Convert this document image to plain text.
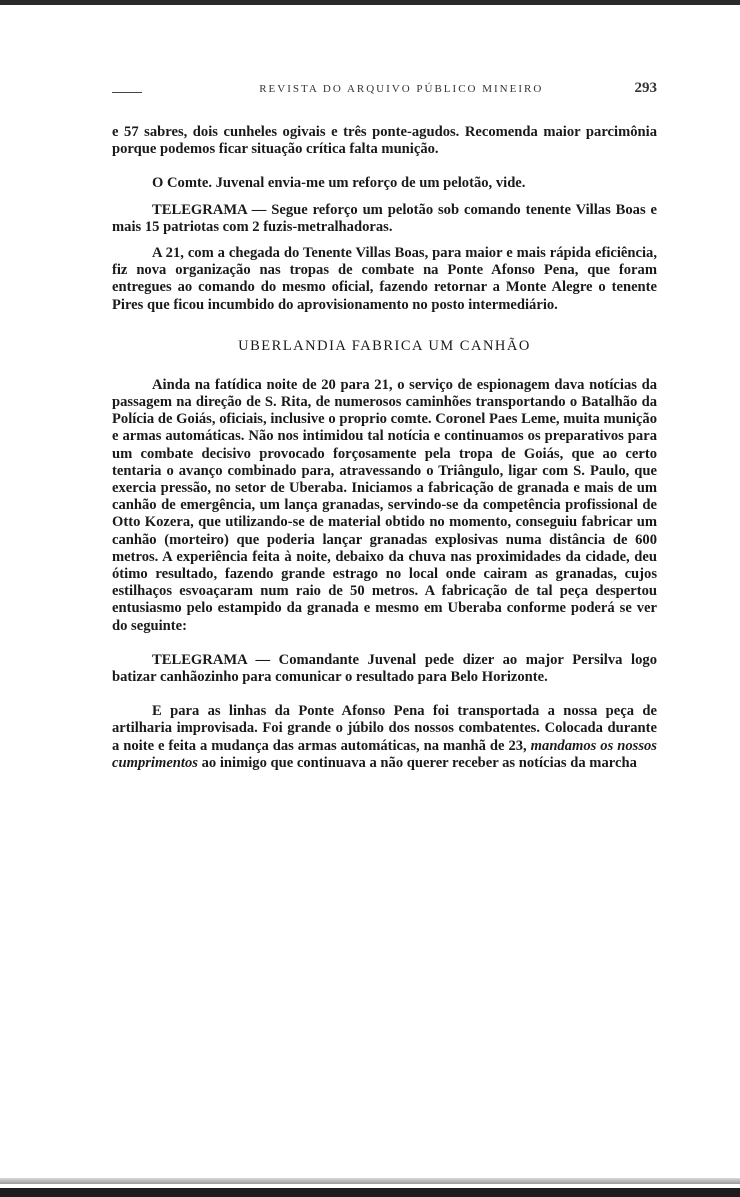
REVISTA DO ARQUIVO PÚBLICO MINEIRO	293

e 57 sabres, dois cunheles ogivais e três ponte-agudos. Recomenda maior parcimônia porque podemos ficar situação crítica falta munição.

O Comte. Juvenal envia-me um reforço de um pelotão, vide.

TELEGRAMA — Segue reforço um pelotão sob comando tenente Villas Boas e mais 15 patriotas com 2 fuzis-metralhadoras.

A 21, com a chegada do Tenente Villas Boas, para maior e mais rápida eficiência, fiz nova organização nas tropas de combate na Ponte Afonso Pena, que foram entregues ao comando do mesmo oficial, fazendo retornar a Monte Alegre o tenente Pires que ficou incumbido do aprovisionamento no posto intermediário.

UBERLANDIA FABRICA UM CANHÃO

Ainda na fatídica noite de 20 para 21, o serviço de espionagem dava notícias da passagem na direção de S. Rita, de numerosos caminhões transportando o Batalhão da Polícia de Goiás, oficiais, inclusive o proprio comte. Coronel Paes Leme, muita munição e armas automáticas. Não nos intimidou tal notícia e continuamos os preparativos para um combate decisivo provocado forçosamente pela tropa de Goiás, que ao certo tentaria o avanço combinado para, atravessando o Triângulo, ligar com S. Paulo, que exercia pressão, no setor de Uberaba. Iniciamos a fabricação de granada e mais de um canhão de emergência, um lança granadas, servindo-se da competência profissional de Otto Kozera, que utilizando-se de material obtido no momento, conseguiu fabricar um canhão (morteiro) que poderia lançar granadas explosivas numa distância de 600 metros. A experiência feita à noite, debaixo da chuva nas proximidades da cidade, deu ótimo resultado, fazendo grande estrago no local onde cairam as granadas, cujos estilhaços esvoaçaram num raio de 50 metros. A fabricação de tal peça despertou entusiasmo pelo estampido da granada e mesmo em Uberaba conforme poderá se ver do seguinte:

TELEGRAMA — Comandante Juvenal pede dizer ao major Persilva logo batizar canhãozinho para comunicar o resultado para Belo Horizonte.

E para as linhas da Ponte Afonso Pena foi transportada a nossa peça de artilharia improvisada. Foi grande o júbilo dos nossos combatentes. Colocada durante a noite e feita a mudança das armas automáticas, na manhã de 23, mandamos os nossos cumprimentos ao inimigo que continuava a não querer receber as notícias da marcha
